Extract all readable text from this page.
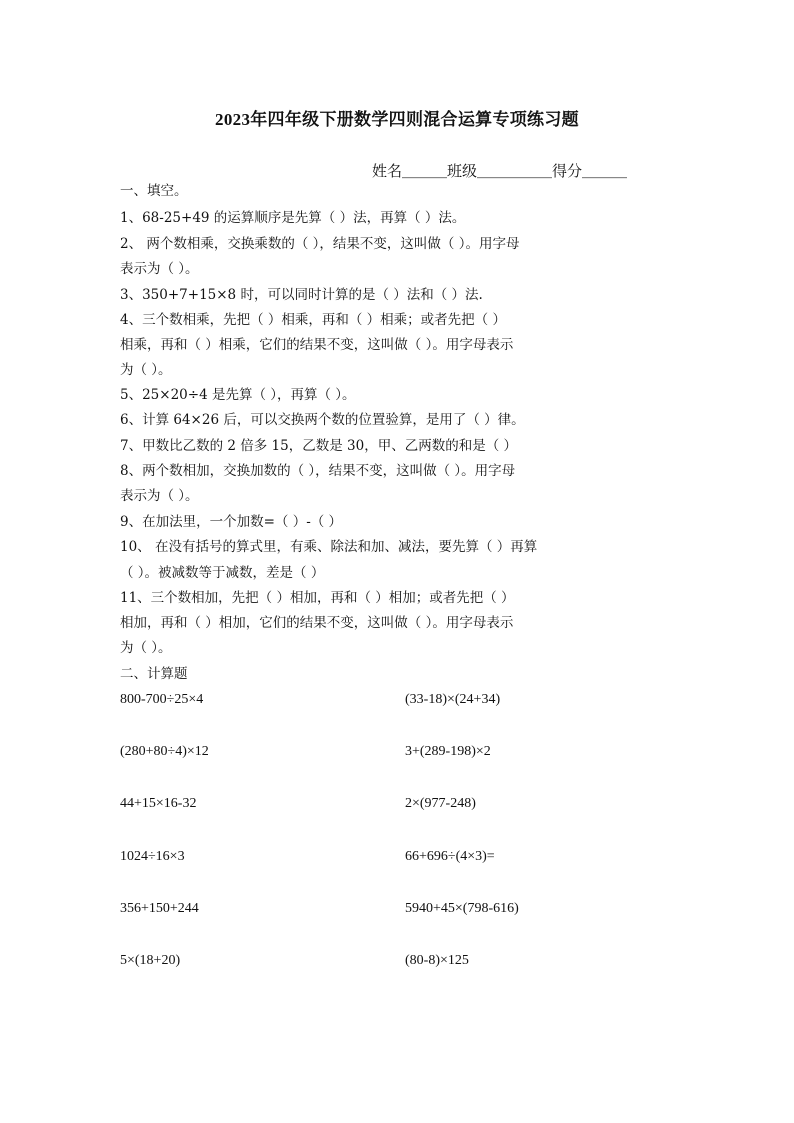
2023年四年级下册数学四则混合运算专项练习题
姓名＿＿＿班级＿＿＿＿＿得分＿＿＿
一、填空。
1、68-25+49 的运算顺序是先算（ ）法，再算（ ）法。
2、 两个数相乘，交换乘数的（ ），结果不变，这叫做（ ）。用字母
表示为（ ）。
3、350+7+15×8 时，可以同时计算的是（ ）法和（ ）法.
4、三个数相乘，先把（ ）相乘，再和（ ）相乘；或者先把（ ）
相乘，再和（ ）相乘，它们的结果不变，这叫做（ ）。用字母表示
为（ ）。
5、25×20÷4 是先算（ ），再算（ ）。
6、计算 64×26 后，可以交换两个数的位置验算，是用了（ ）律。
7、甲数比乙数的 2 倍多 15，乙数是 30，甲、乙两数的和是（ ）
8、两个数相加，交换加数的（ ），结果不变，这叫做（ ）。用字母
表示为（ ）。
9、在加法里，一个加数=（ ）-（ ）
10、 在没有括号的算式里，有乘、除法和加、减法，要先算（ ）再算
（ ）。被减数等于减数，差是（ ）
11、三个数相加，先把（ ）相加，再和（ ）相加；或者先把（ ）
相加，再和（ ）相加，它们的结果不变，这叫做（ ）。用字母表示
为（ ）。
二、计算题
800-700÷25×4	(33-18)×(24+34)
(280+80÷4)×12	3+(289-198)×2
44+15×16-32	2×(977-248)
1024÷16×3	66+696÷(4×3)=
356+150+244	5940+45×(798-616)
5×(18+20)	(80-8)×125
